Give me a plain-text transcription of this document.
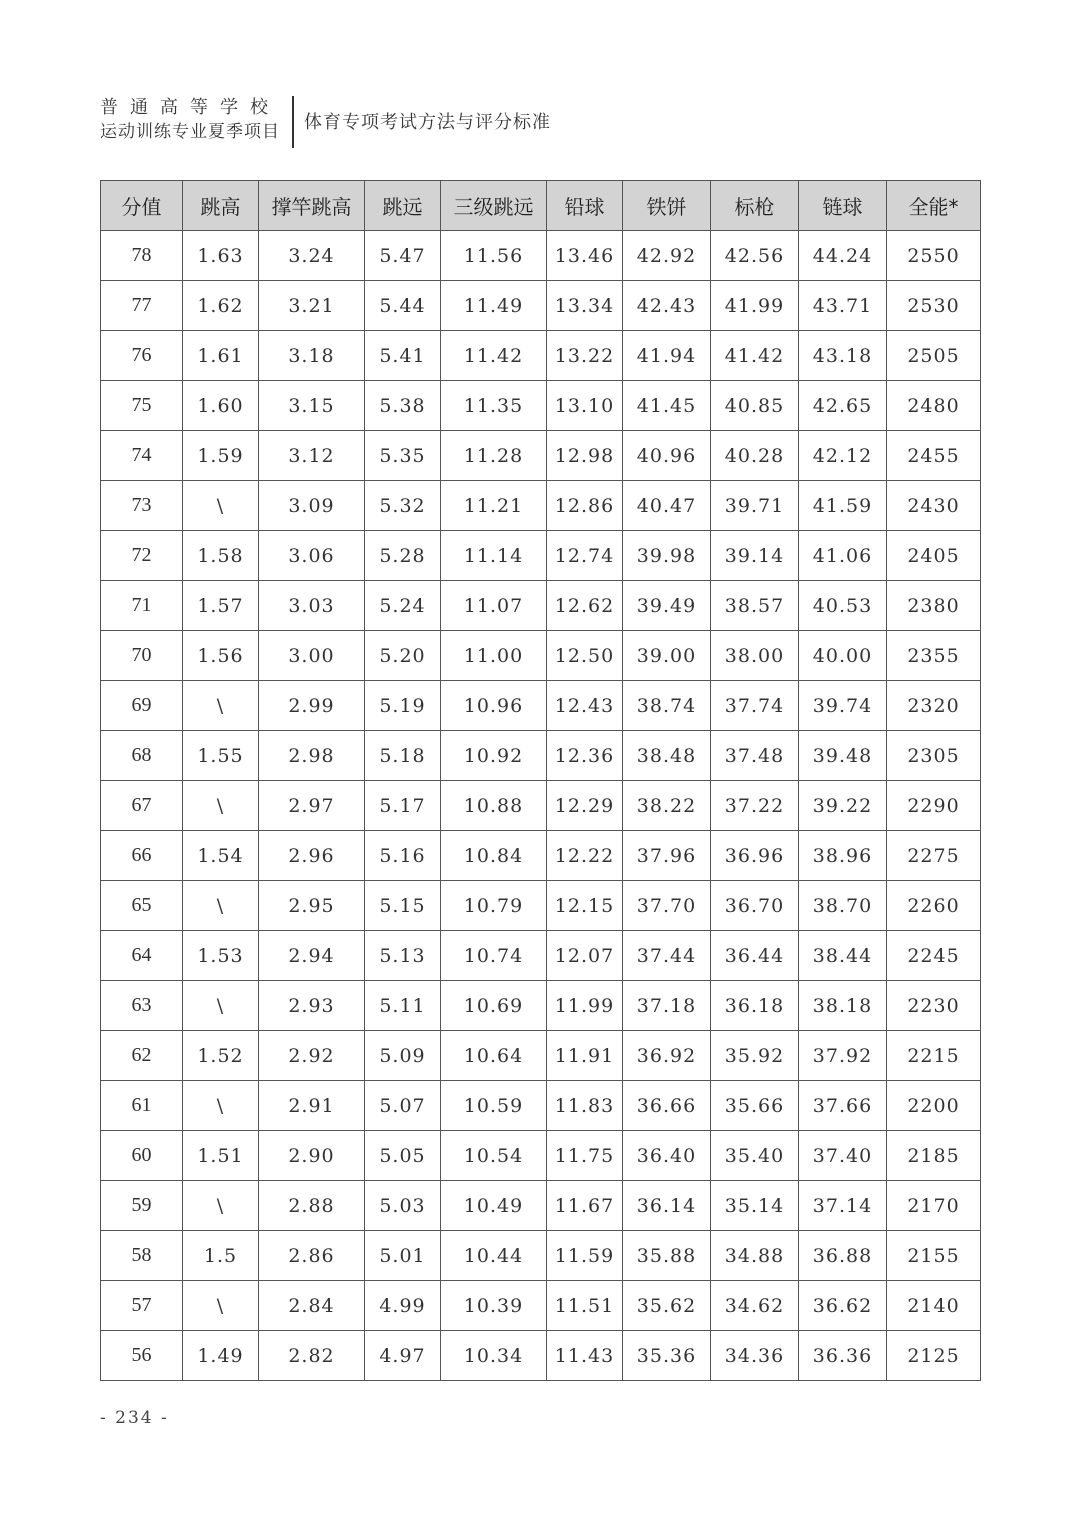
普通高等学校
运动训练专业夏季项目 体育专项考试方法与评分标准
分值	跳高	撑竿跳高	跳远	三级跳远	铅球	铁饼	标枪	链球	全能*
78	1.63	3.24	5.47	11.56	13.46	42.92	42.56	44.24	2550
77	1.62	3.21	5.44	11.49	13.34	42.43	41.99	43.71	2530
76	1.61	3.18	5.41	11.42	13.22	41.94	41.42	43.18	2505
75	1.60	3.15	5.38	11.35	13.10	41.45	40.85	42.65	2480
74	1.59	3.12	5.35	11.28	12.98	40.96	40.28	42.12	2455
73	\	3.09	5.32	11.21	12.86	40.47	39.71	41.59	2430
72	1.58	3.06	5.28	11.14	12.74	39.98	39.14	41.06	2405
71	1.57	3.03	5.24	11.07	12.62	39.49	38.57	40.53	2380
70	1.56	3.00	5.20	11.00	12.50	39.00	38.00	40.00	2355
69	\	2.99	5.19	10.96	12.43	38.74	37.74	39.74	2320
68	1.55	2.98	5.18	10.92	12.36	38.48	37.48	39.48	2305
67	\	2.97	5.17	10.88	12.29	38.22	37.22	39.22	2290
66	1.54	2.96	5.16	10.84	12.22	37.96	36.96	38.96	2275
65	\	2.95	5.15	10.79	12.15	37.70	36.70	38.70	2260
64	1.53	2.94	5.13	10.74	12.07	37.44	36.44	38.44	2245
63	\	2.93	5.11	10.69	11.99	37.18	36.18	38.18	2230
62	1.52	2.92	5.09	10.64	11.91	36.92	35.92	37.92	2215
61	\	2.91	5.07	10.59	11.83	36.66	35.66	37.66	2200
60	1.51	2.90	5.05	10.54	11.75	36.40	35.40	37.40	2185
59	\	2.88	5.03	10.49	11.67	36.14	35.14	37.14	2170
58	1.5	2.86	5.01	10.44	11.59	35.88	34.88	36.88	2155
57	\	2.84	4.99	10.39	11.51	35.62	34.62	36.62	2140
56	1.49	2.82	4.97	10.34	11.43	35.36	34.36	36.36	2125
- 234 -
